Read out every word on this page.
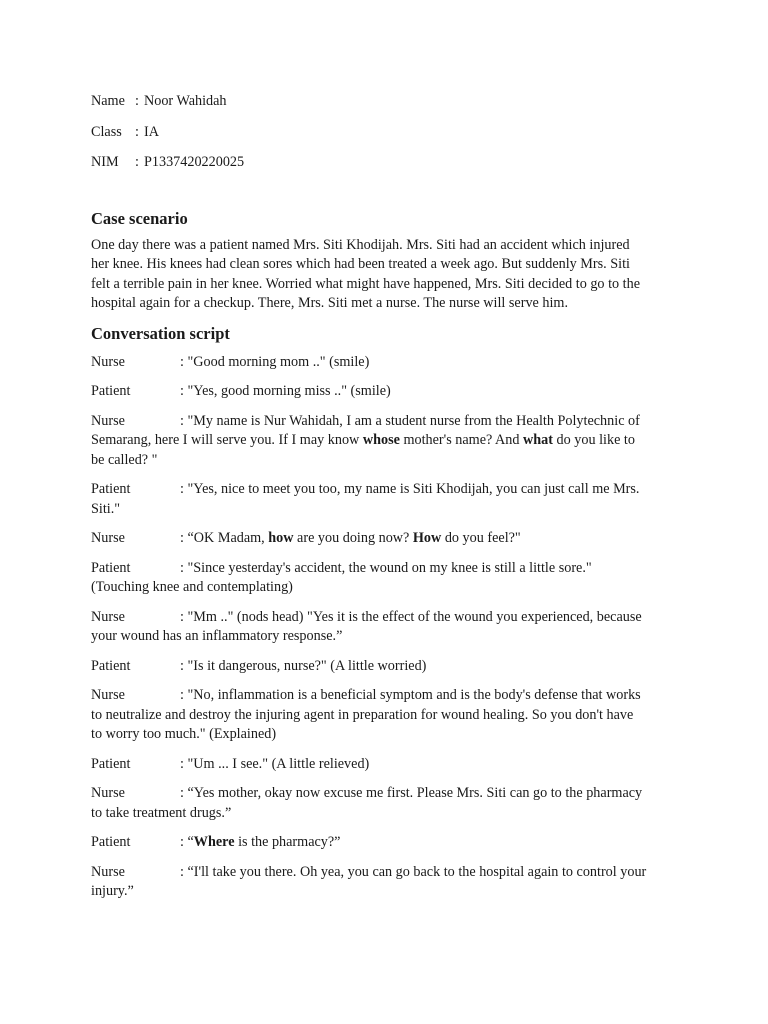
Name : Noor Wahidah
Class : IA
NIM	: P1337420220025
Case scenario
One day there was a patient named Mrs. Siti Khodijah. Mrs. Siti had an accident which injured
her knee. His knees had clean sores which had been treated a week ago. But suddenly Mrs. Siti
felt a terrible pain in her knee. Worried what might have happened, Mrs. Siti decided to go to the
hospital again for a checkup. There, Mrs. Siti met a nurse. The nurse will serve him.
Conversation script
Nurse	: "Good morning mom .." (smile)
Patient	: "Yes, good morning miss .." (smile)
Nurse	: "My name is Nur Wahidah, I am a student nurse from the Health Polytechnic of
Semarang, here I will serve you. If I may know whose mother's name? And what do you like to
be called? "
Patient	: "Yes, nice to meet you too, my name is Siti Khodijah, you can just call me Mrs.
Siti."
Nurse	: “OK Madam, how are you doing now? How do you feel?"
Patient	: "Since yesterday's accident, the wound on my knee is still a little sore."
(Touching knee and contemplating)
Nurse	: "Mm .." (nods head) "Yes it is the effect of the wound you experienced, because
your wound has an inflammatory response.”
Patient	: "Is it dangerous, nurse?" (A little worried)
Nurse	: "No, inflammation is a beneficial symptom and is the body's defense that works
to neutralize and destroy the injuring agent in preparation for wound healing. So you don't have
to worry too much." (Explained)
Patient	: "Um ... I see." (A little relieved)
Nurse	: “Yes mother, okay now excuse me first. Please Mrs. Siti can go to the pharmacy
to take treatment drugs.”
Patient	: “Where is the pharmacy?”
Nurse	: “I'll take you there. Oh yea, you can go back to the hospital again to control your
injury.”
